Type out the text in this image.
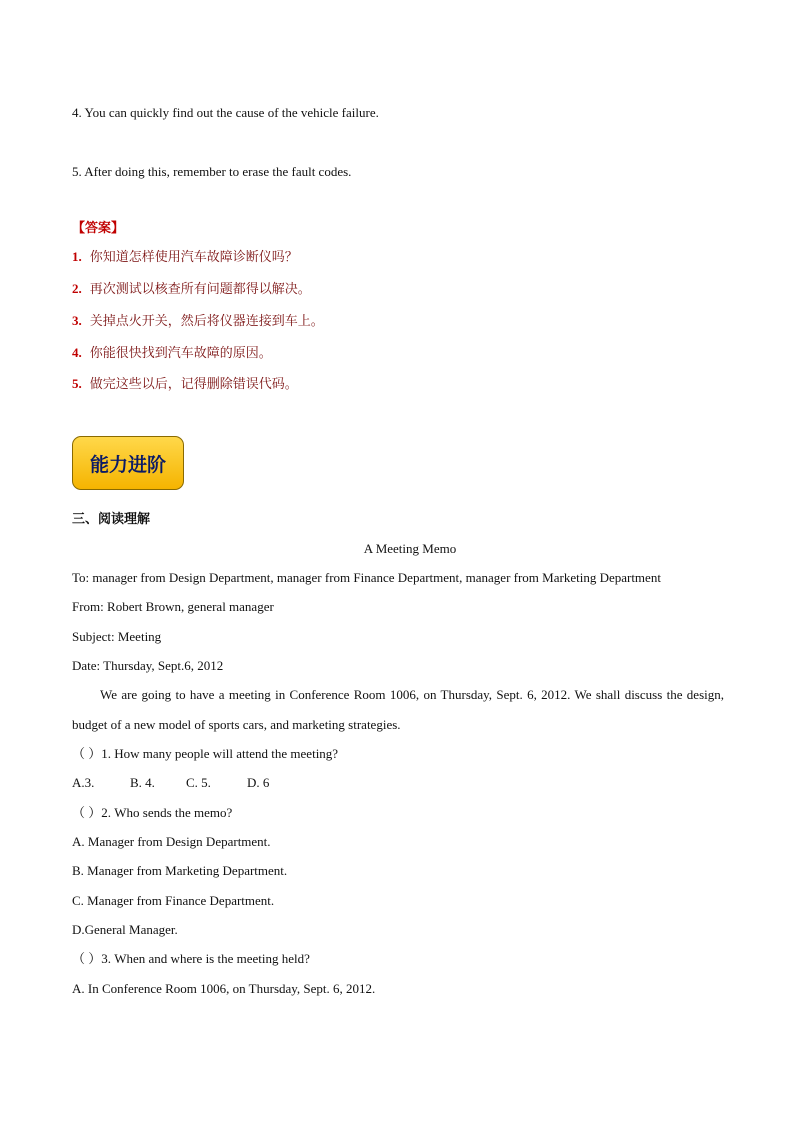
4. You can quickly find out the cause of the vehicle failure.
5. After doing this, remember to erase the fault codes.
【答案】
1. 你知道怎样使用汽车故障诊断仪吗？
2. 再次测试以核查所有问题都得以解决。
3. 关掉点火开关，然后将仪器连接到车上。
4. 你能很快找到汽车故障的原因。
5. 做完这些以后，记得删除错误代码。
能力进阶
三、阅读理解
A Meeting Memo
To: manager from Design Department, manager from Finance Department, manager from Marketing Department
From: Robert Brown, general manager
Subject: Meeting
Date: Thursday, Sept.6, 2012
We are going to have a meeting in Conference Room 1006, on Thursday, Sept. 6, 2012. We shall discuss the design, budget of a new model of sports cars, and marketing strategies.
（ ）1. How many people will attend the meeting?
A.3.	B. 4. C. 5.	D. 6
（ ）2. Who sends the memo?
A. Manager from Design Department.
B. Manager from Marketing Department.
C. Manager from Finance Department.
D.General Manager.
（ ）3. When and where is the meeting held?
A. In Conference Room 1006, on Thursday, Sept. 6, 2012.
